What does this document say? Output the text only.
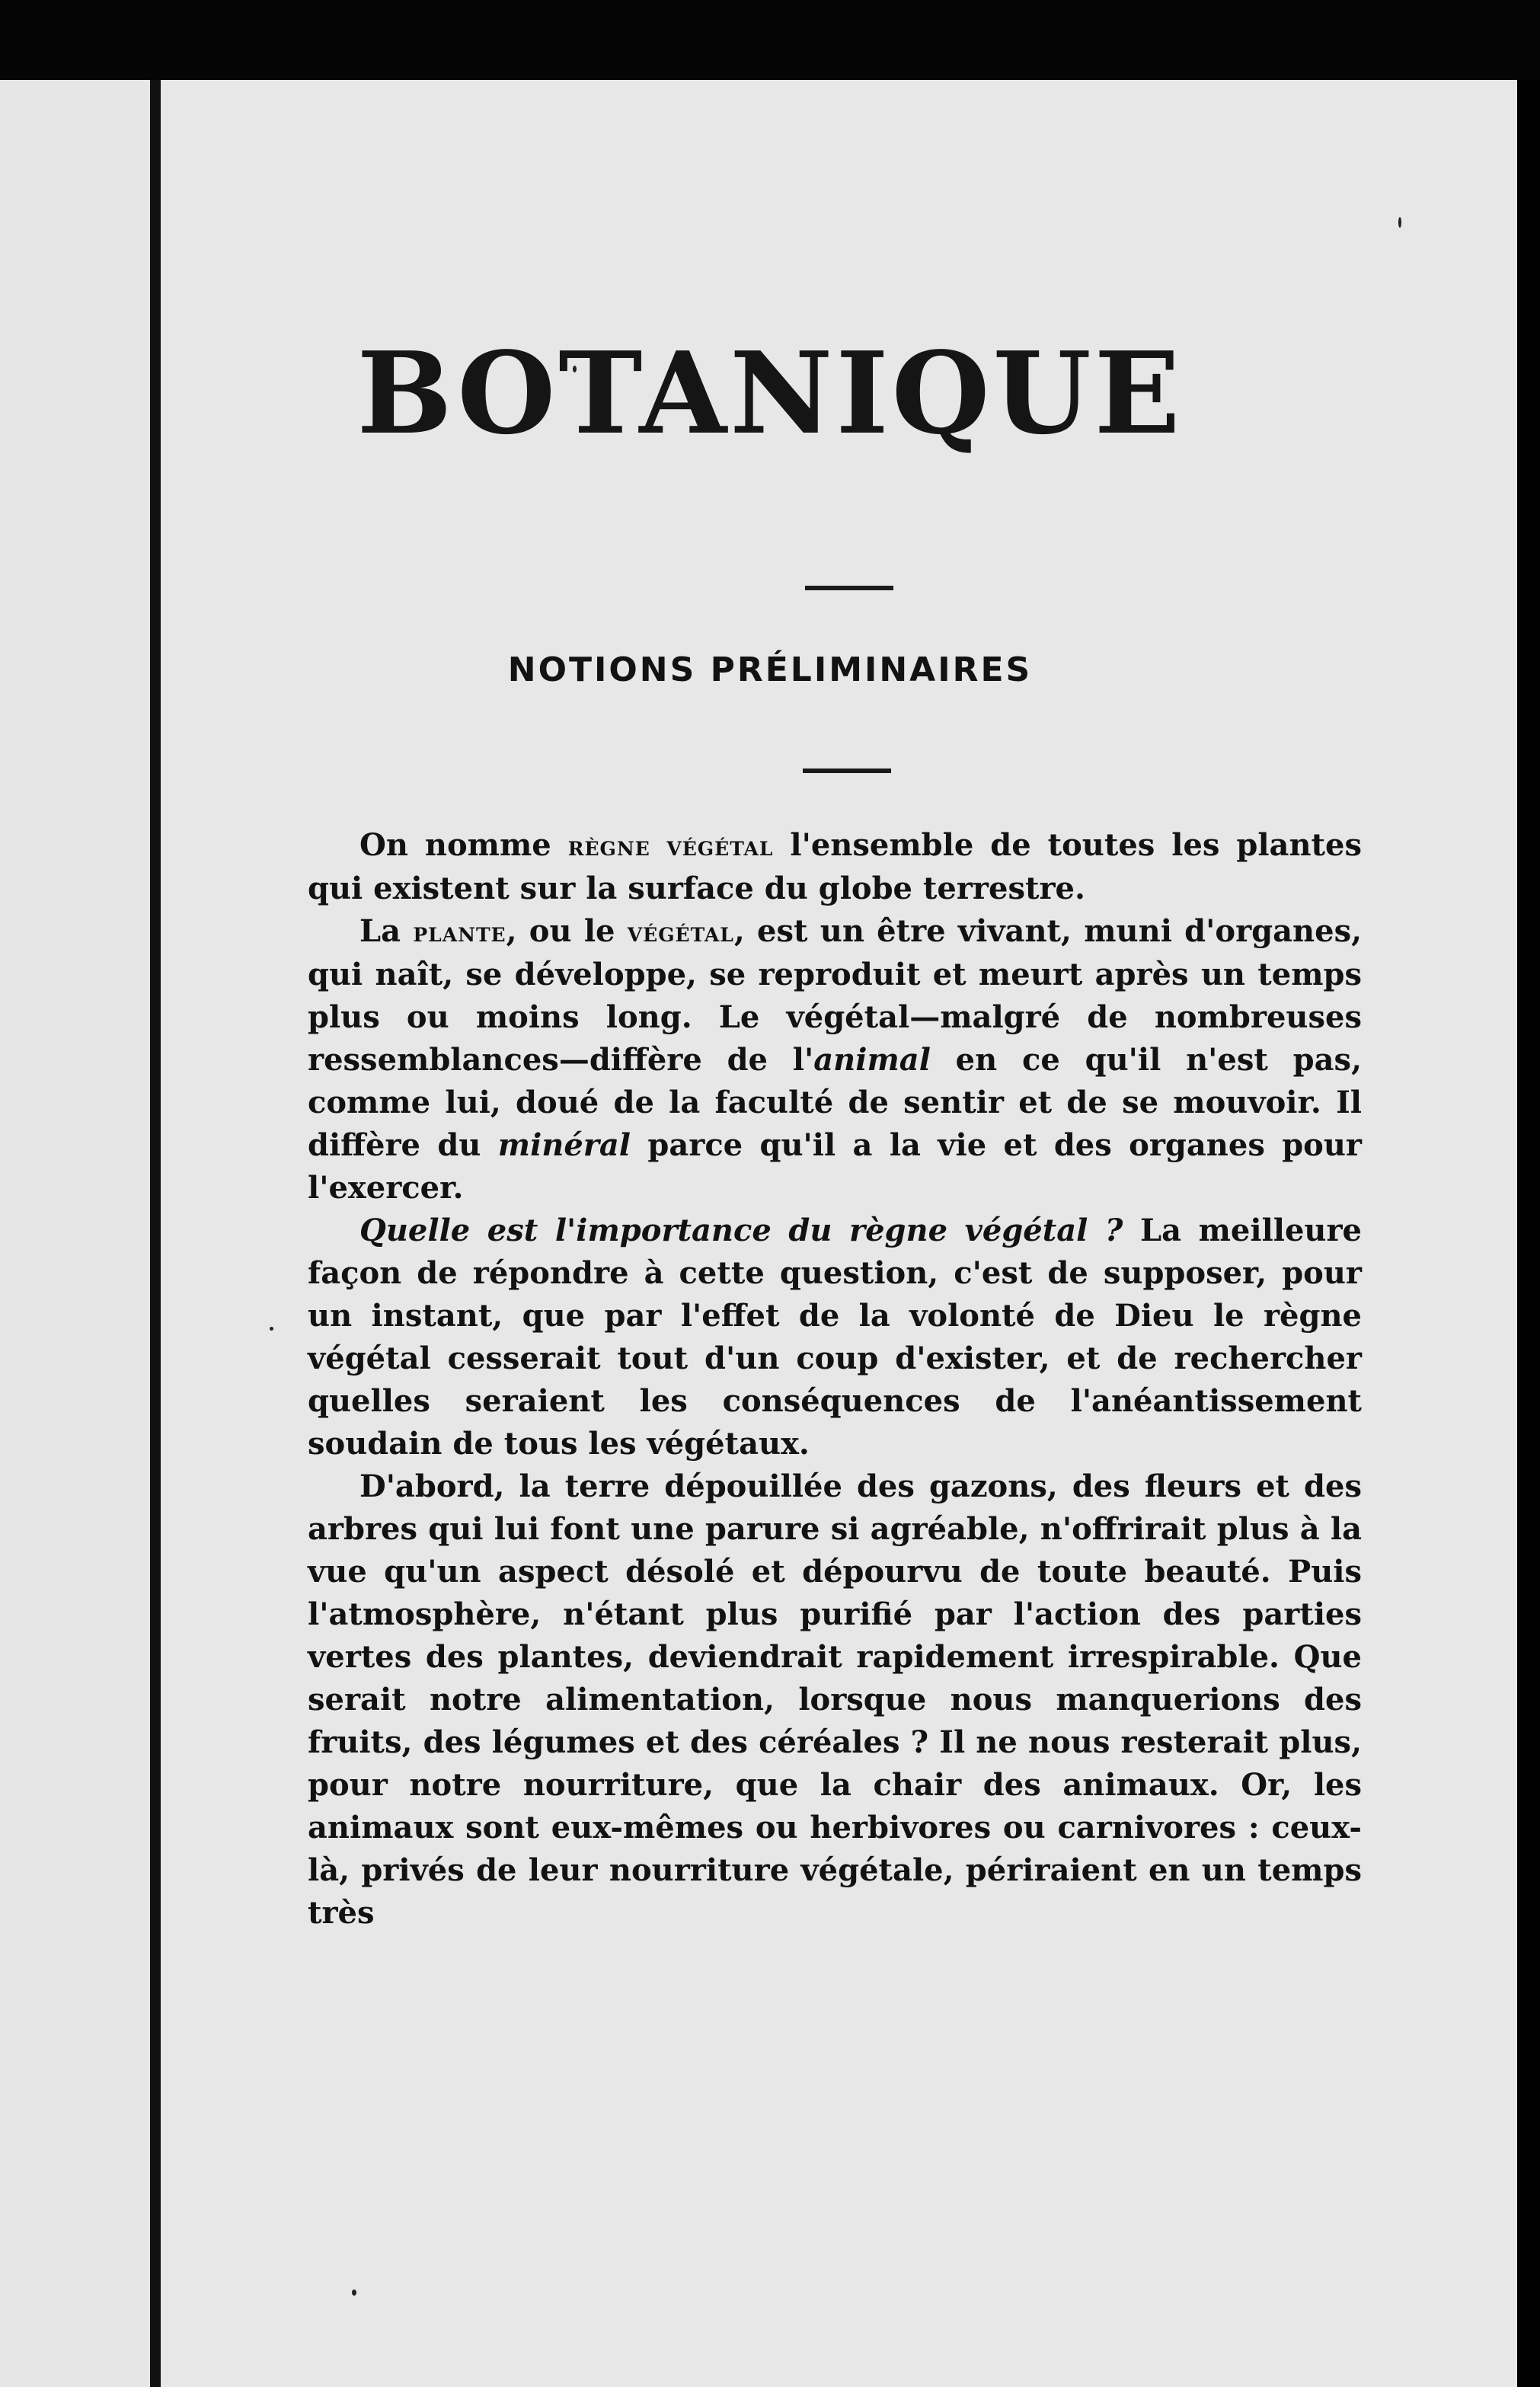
BOTANIQUE
NOTIONS PRÉLIMINAIRES

On nomme règne végétal l'ensemble de toutes les plantes qui existent sur la surface du globe terrestre.

La plante, ou le végétal, est un être vivant, muni d'organes, qui naît, se développe, se reproduit et meurt après un temps plus ou moins long. Le végétal—malgré de nombreuses ressemblances—diffère de l'animal en ce qu'il n'est pas, comme lui, doué de la faculté de sentir et de se mouvoir. Il diffère du minéral parce qu'il a la vie et des organes pour l'exercer.

Quelle est l'importance du règne végétal ? La meilleure façon de répondre à cette question, c'est de supposer, pour un instant, que par l'effet de la volonté de Dieu le règne végétal cesserait tout d'un coup d'exister, et de rechercher quelles seraient les conséquences de l'anéantissement soudain de tous les végétaux.

D'abord, la terre dépouillée des gazons, des fleurs et des arbres qui lui font une parure si agréable, n'offrirait plus à la vue qu'un aspect désolé et dépourvu de toute beauté. Puis l'atmosphère, n'étant plus purifié par l'action des parties vertes des plantes, deviendrait rapidement irrespirable. Que serait notre alimentation, lorsque nous manquerions des fruits, des légumes et des céréales ? Il ne nous resterait plus, pour notre nourriture, que la chair des animaux. Or, les animaux sont eux-mêmes ou herbivores ou carnivores : ceux-là, privés de leur nourriture végétale, périraient en un temps très
